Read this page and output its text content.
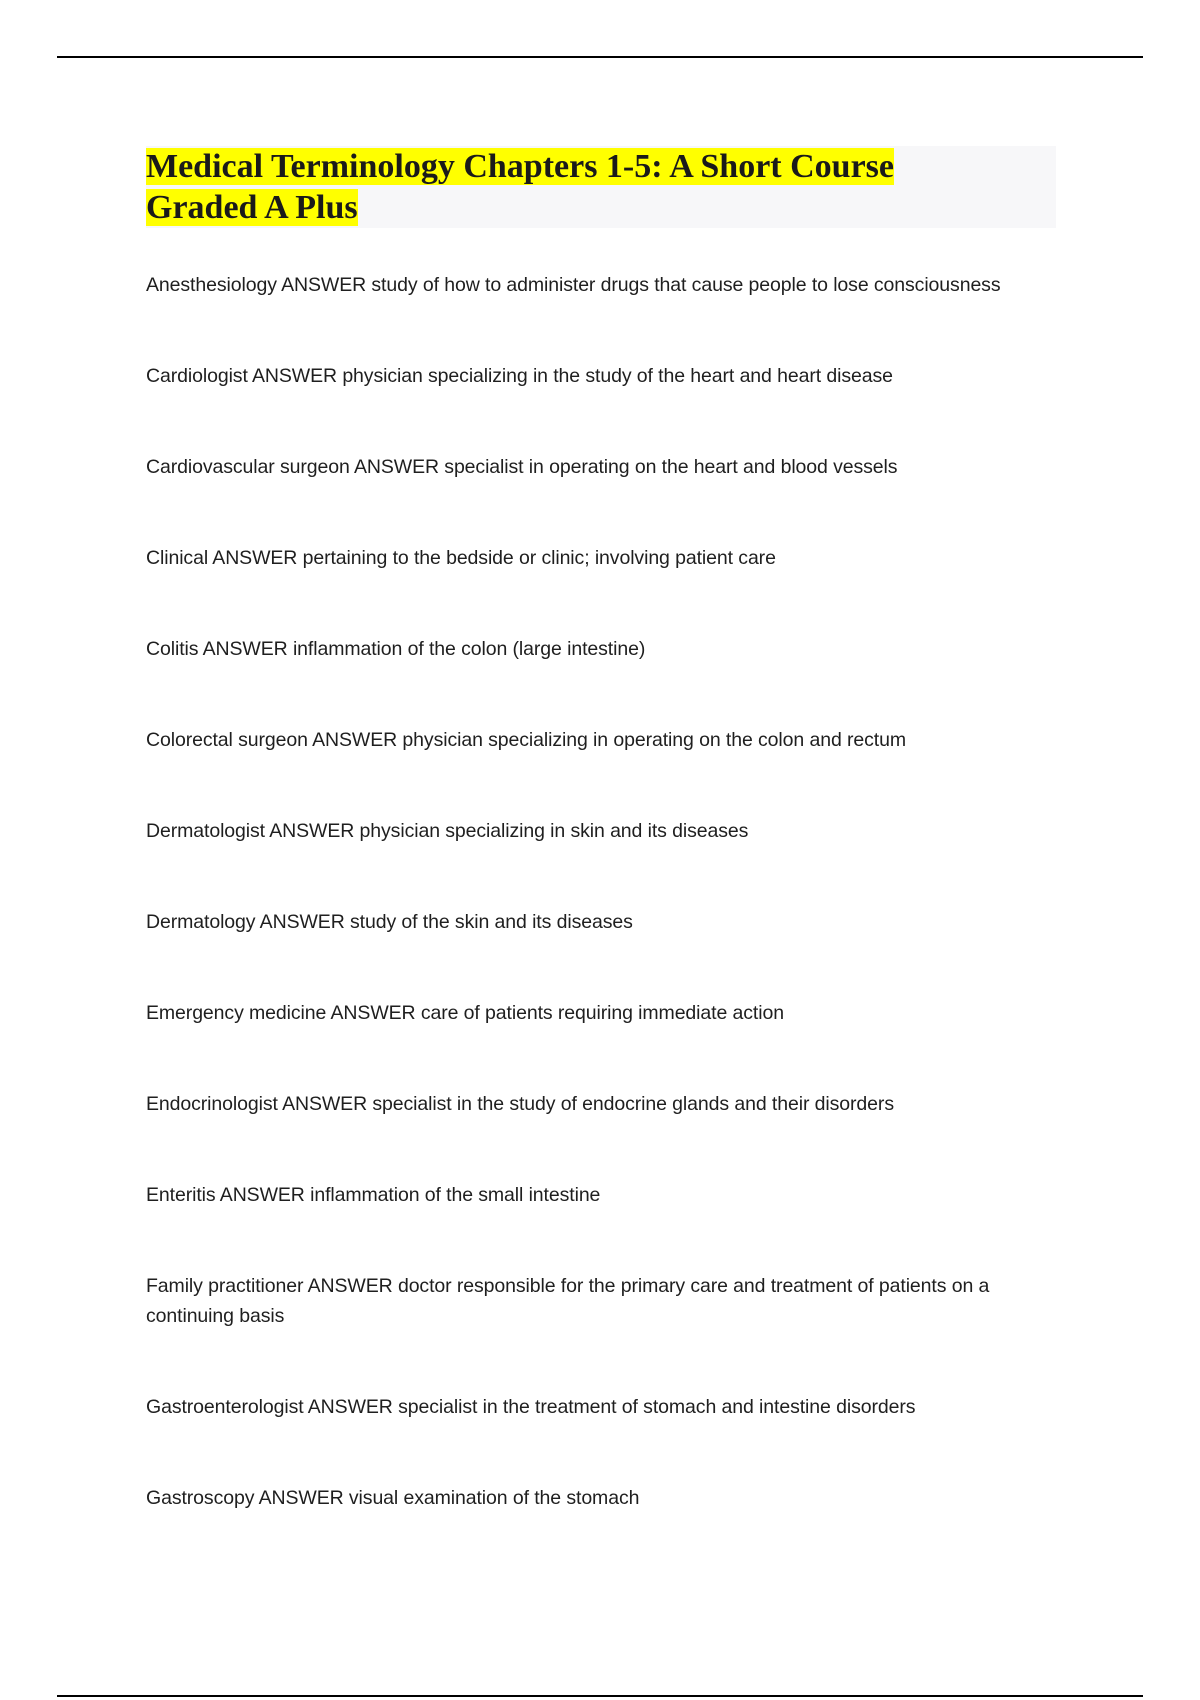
Medical Terminology Chapters 1-5: A Short Course
Graded A Plus
Anesthesiology ANSWER study of how to administer drugs that cause people to lose consciousness
Cardiologist ANSWER physician specializing in the study of the heart and heart disease
Cardiovascular surgeon ANSWER specialist in operating on the heart and blood vessels
Clinical ANSWER pertaining to the bedside or clinic; involving patient care
Colitis ANSWER inflammation of the colon (large intestine)
Colorectal surgeon ANSWER physician specializing in operating on the colon and rectum
Dermatologist ANSWER physician specializing in skin and its diseases
Dermatology ANSWER study of the skin and its diseases
Emergency medicine ANSWER care of patients requiring immediate action
Endocrinologist ANSWER specialist in the study of endocrine glands and their disorders
Enteritis ANSWER inflammation of the small intestine
Family practitioner ANSWER doctor responsible for the primary care and treatment of patients on a continuing basis
Gastroenterologist ANSWER specialist in the treatment of stomach and intestine disorders
Gastroscopy ANSWER visual examination of the stomach
